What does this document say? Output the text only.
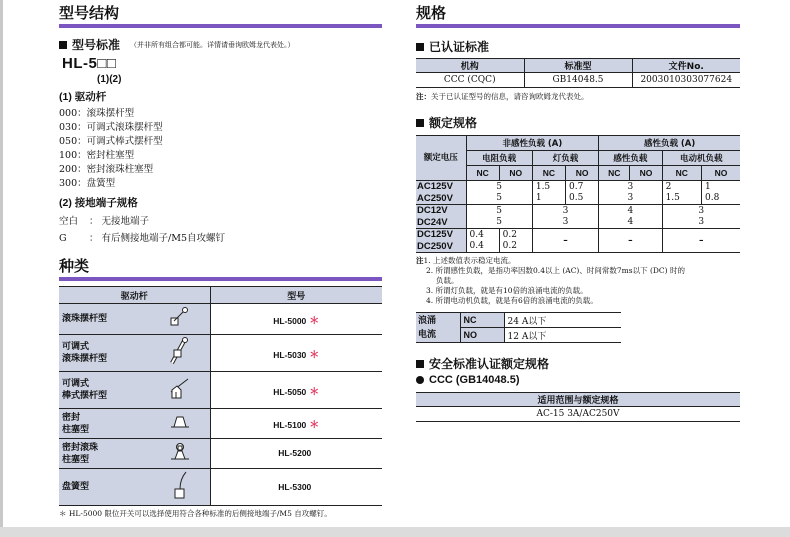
型号结构
型号标准 （并非所有组合都可能。详情请垂询欧姆龙代表处。）
HL-5□□
(1)(2)
(1) 驱动杆
000：滚珠摆杆型
030：可调式滚珠摆杆型
050：可调式棒式摆杆型
100：密封柱塞型
200：密封滚珠柱塞型
300：盘簧型
(2) 接地端子规格
空白 ： 无接地端子
G ： 有后侧接地端子/M5自攻螺钉
种类
驱动杆	型号
滚珠摆杆型	HL-5000 ＊
可调式
滚珠摆杆型	HL-5030 ＊
可调式
棒式摆杆型	HL-5050 ＊
密封
柱塞型	HL-5100 ＊
密封滚珠
柱塞型	HL-5200
盘簧型	HL-5300
＊ HL-5000 限位开关可以选择使用符合各种标准的后侧接地端子/M5 自攻螺钉。
规格
已认证标准
机构	标准型	文件No.
CCC (CQC)	GB14048.5	2003010303077624
注：关于已认证型号的信息，请咨询欧姆龙代表处。
额定规格
额定电压	非感性负载 (A)				感性负载 (A)			
	电阻负载		灯负载		感性负载		电动机负载	
	NC	NO	NC	NO	NC	NO	NC	NO
AC125V	5		1.5	0.7	3		2	1
AC250V	5		1	0.5	3		1.5	0.8
DC12V	5		3		4		3	
DC24V	5		3		4		3	
DC125V	0.4	0.2	–		–		–	
DC250V	0.4	0.2						
注1. 上述数值表示稳定电流。
2. 所谓感性负载，是指功率因数0.4以上 (AC)、时间常数7ms以下 (DC) 时的
负载。
3. 所谓灯负载，就是有10倍的浪涌电流的负载。
4. 所谓电动机负载，就是有6倍的浪涌电流的负载。
浪涌
电流	NC	24 A以下
	NO	12 A以下
安全标准认证额定规格
CCC (GB14048.5)
适用范围与额定规格
AC-15 3A/AC250V
